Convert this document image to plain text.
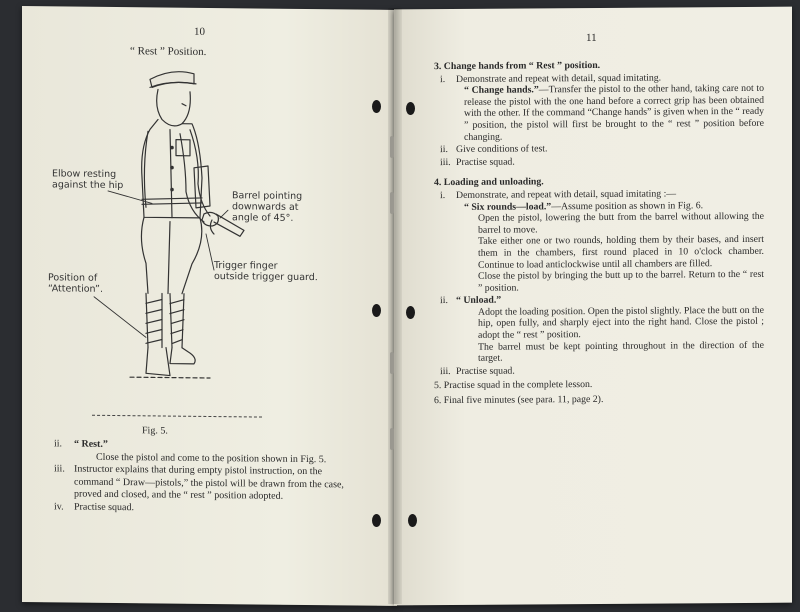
10
“ Rest ” Position.
Elbow resting
against the hip
Barrel pointing
downwards at
angle of 45°.
Trigger finger
outside trigger guard.
Position of
“Attention”.
Fig. 5.
ii. “ Rest.”
Close the pistol and come to the position shown in Fig. 5.
iii. Instructor explains that during empty pistol instruction, on the command “ Draw—pistols,” the pistol will be drawn from the case, proved and closed, and the “ rest ” position adopted.
iv. Practise squad.
11
3. Change hands from “ Rest ” position.
i. Demonstrate and repeat with detail, squad imitating.
“ Change hands.”—Transfer the pistol to the other hand, taking care not to release the pistol with the one hand before a correct grip has been obtained with the other. If the command “Change hands” is given when in the “ ready ” position, the pistol will first be brought to the “ rest ” position before changing.
ii. Give conditions of test.
iii. Practise squad.
4. Loading and unloading.
i. Demonstrate, and repeat with detail, squad imitating :—
“ Six rounds—load.”—Assume position as shown in Fig. 6.
Open the pistol, lowering the butt from the barrel without allowing the barrel to move.
Take either one or two rounds, holding them by their bases, and insert them in the chambers, first round placed in 10 o'clock chamber. Continue to load anticlockwise until all chambers are filled.
Close the pistol by bringing the butt up to the barrel. Return to the “ rest ” position.
ii. “ Unload.”
Adopt the loading position. Open the pistol slightly. Place the butt on the hip, open fully, and sharply eject into the right hand. Close the pistol ; adopt the “ rest ” position.
The barrel must be kept pointing throughout in the direction of the target.
iii. Practise squad.
5. Practise squad in the complete lesson.
6. Final five minutes (see para. 11, page 2).
